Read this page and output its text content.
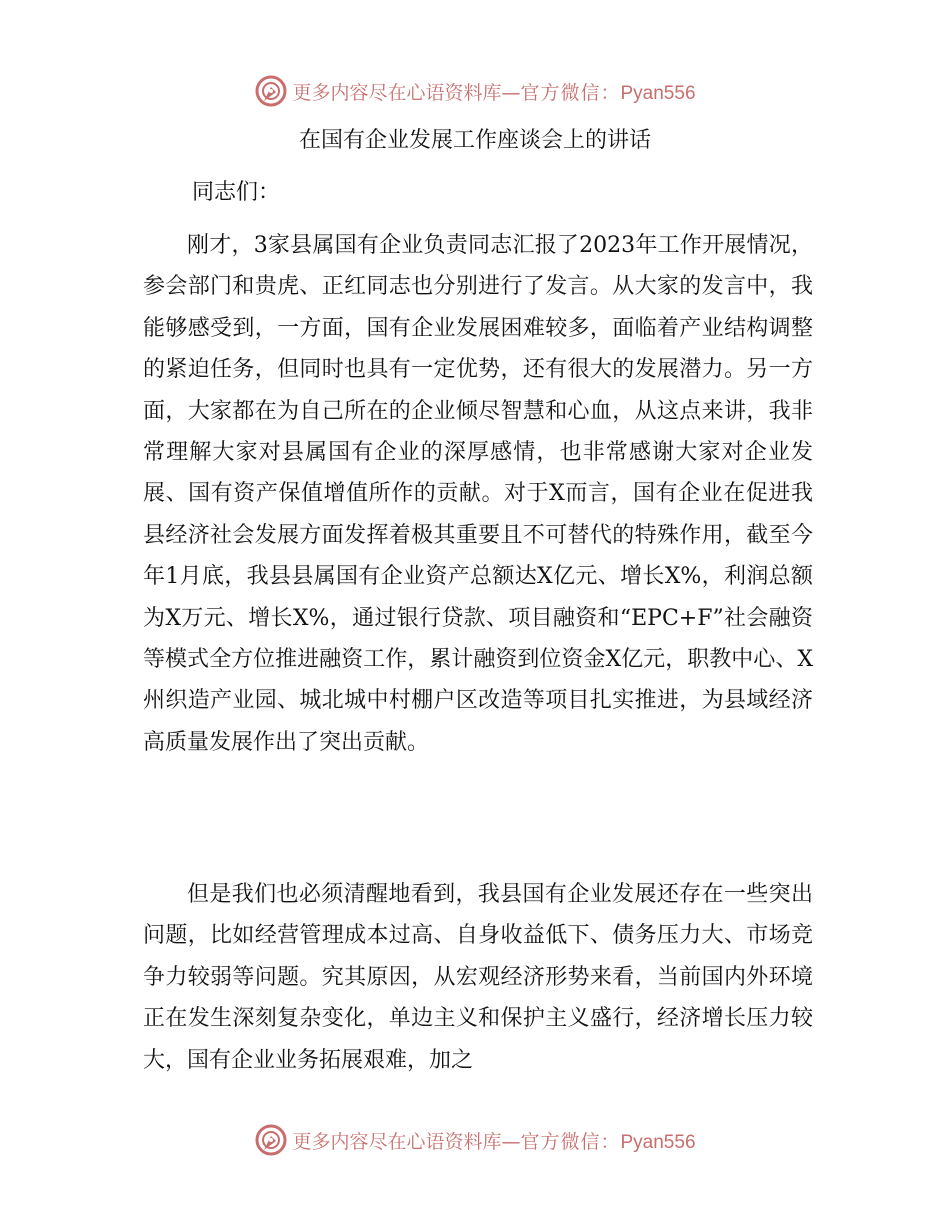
更多内容尽在心语资料库—官方微信：Pyan556
在国有企业发展工作座谈会上的讲话
同志们：

刚才，3家县属国有企业负责同志汇报了2023年工作开展情况，参会部门和贵虎、正红同志也分别进行了发言。从大家的发言中，我能够感受到，一方面，国有企业发展困难较多，面临着产业结构调整的紧迫任务，但同时也具有一定优势，还有很大的发展潜力。另一方面，大家都在为自己所在的企业倾尽智慧和心血，从这点来讲，我非常理解大家对县属国有企业的深厚感情，也非常感谢大家对企业发展、国有资产保值增值所作的贡献。对于X而言，国有企业在促进我县经济社会发展方面发挥着极其重要且不可替代的特殊作用，截至今年1月底，我县县属国有企业资产总额达X亿元、增长X%，利润总额为X万元、增长X%，通过银行贷款、项目融资和“EPC+F”社会融资等模式全方位推进融资工作，累计融资到位资金X亿元，职教中心、X州织造产业园、城北城中村棚户区改造等项目扎实推进，为县域经济高质量发展作出了突出贡献。

但是我们也必须清醒地看到，我县国有企业发展还存在一些突出问题，比如经营管理成本过高、自身收益低下、债务压力大、市场竞争力较弱等问题。究其原因，从宏观经济形势来看，当前国内外环境正在发生深刻复杂变化，单边主义和保护主义盛行，经济增长压力较大，国有企业业务拓展艰难，加之

更多内容尽在心语资料库—官方微信：Pyan556
